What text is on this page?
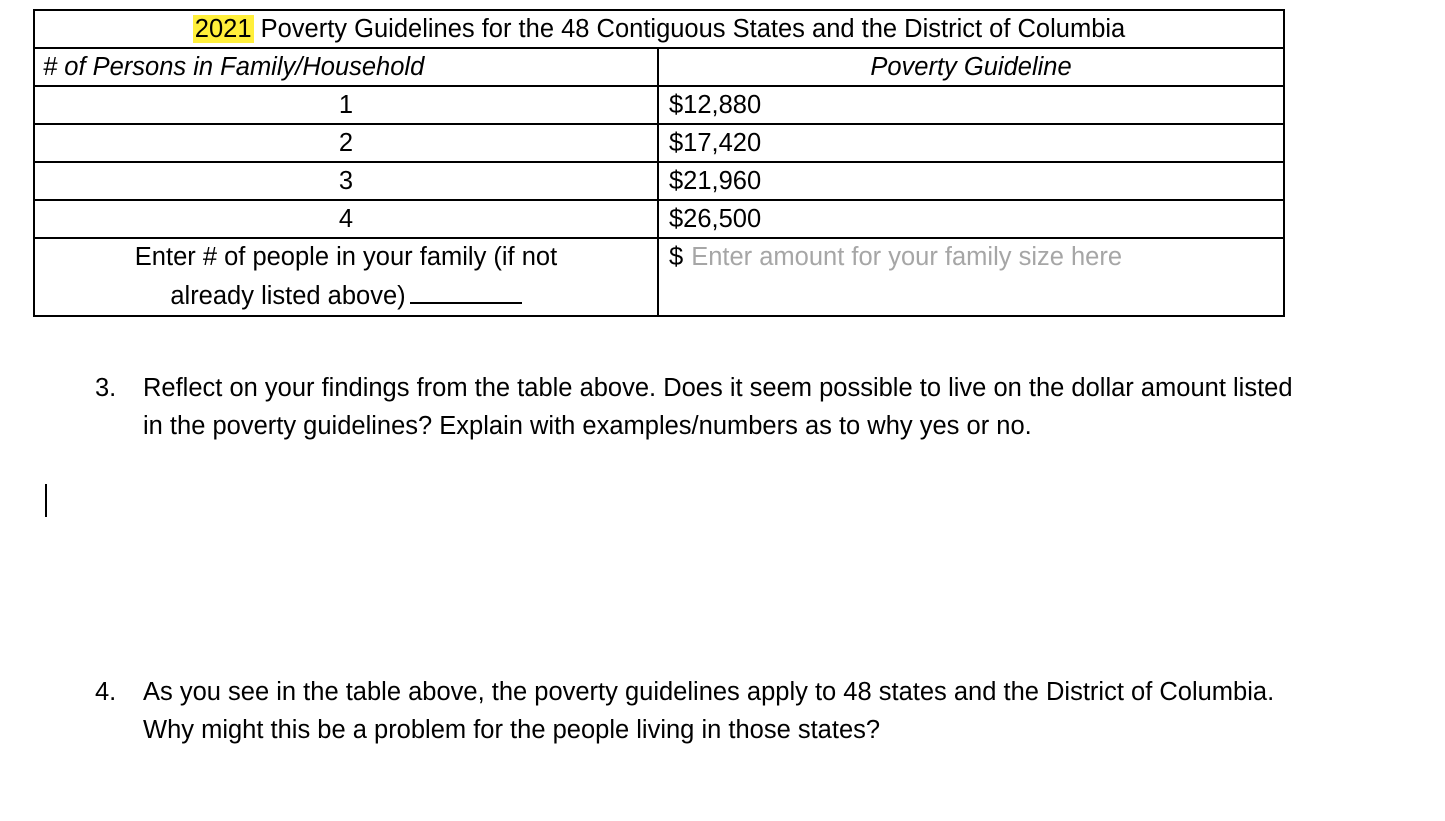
2021 Poverty Guidelines for the 48 Contiguous States and the District of Columbia	
# of Persons in Family/Household	Poverty Guideline
1	$12,880
2	$17,420
3	$21,960
4	$26,500
Enter # of people in your family (if not
already listed above)	$ Enter amount for your family size here
3. Reflect on your findings from the table above. Does it seem possible to live on the dollar amount listed in the poverty guidelines? Explain with examples/numbers as to why yes or no.
4. As you see in the table above, the poverty guidelines apply to 48 states and the District of Columbia. Why might this be a problem for the people living in those states?
